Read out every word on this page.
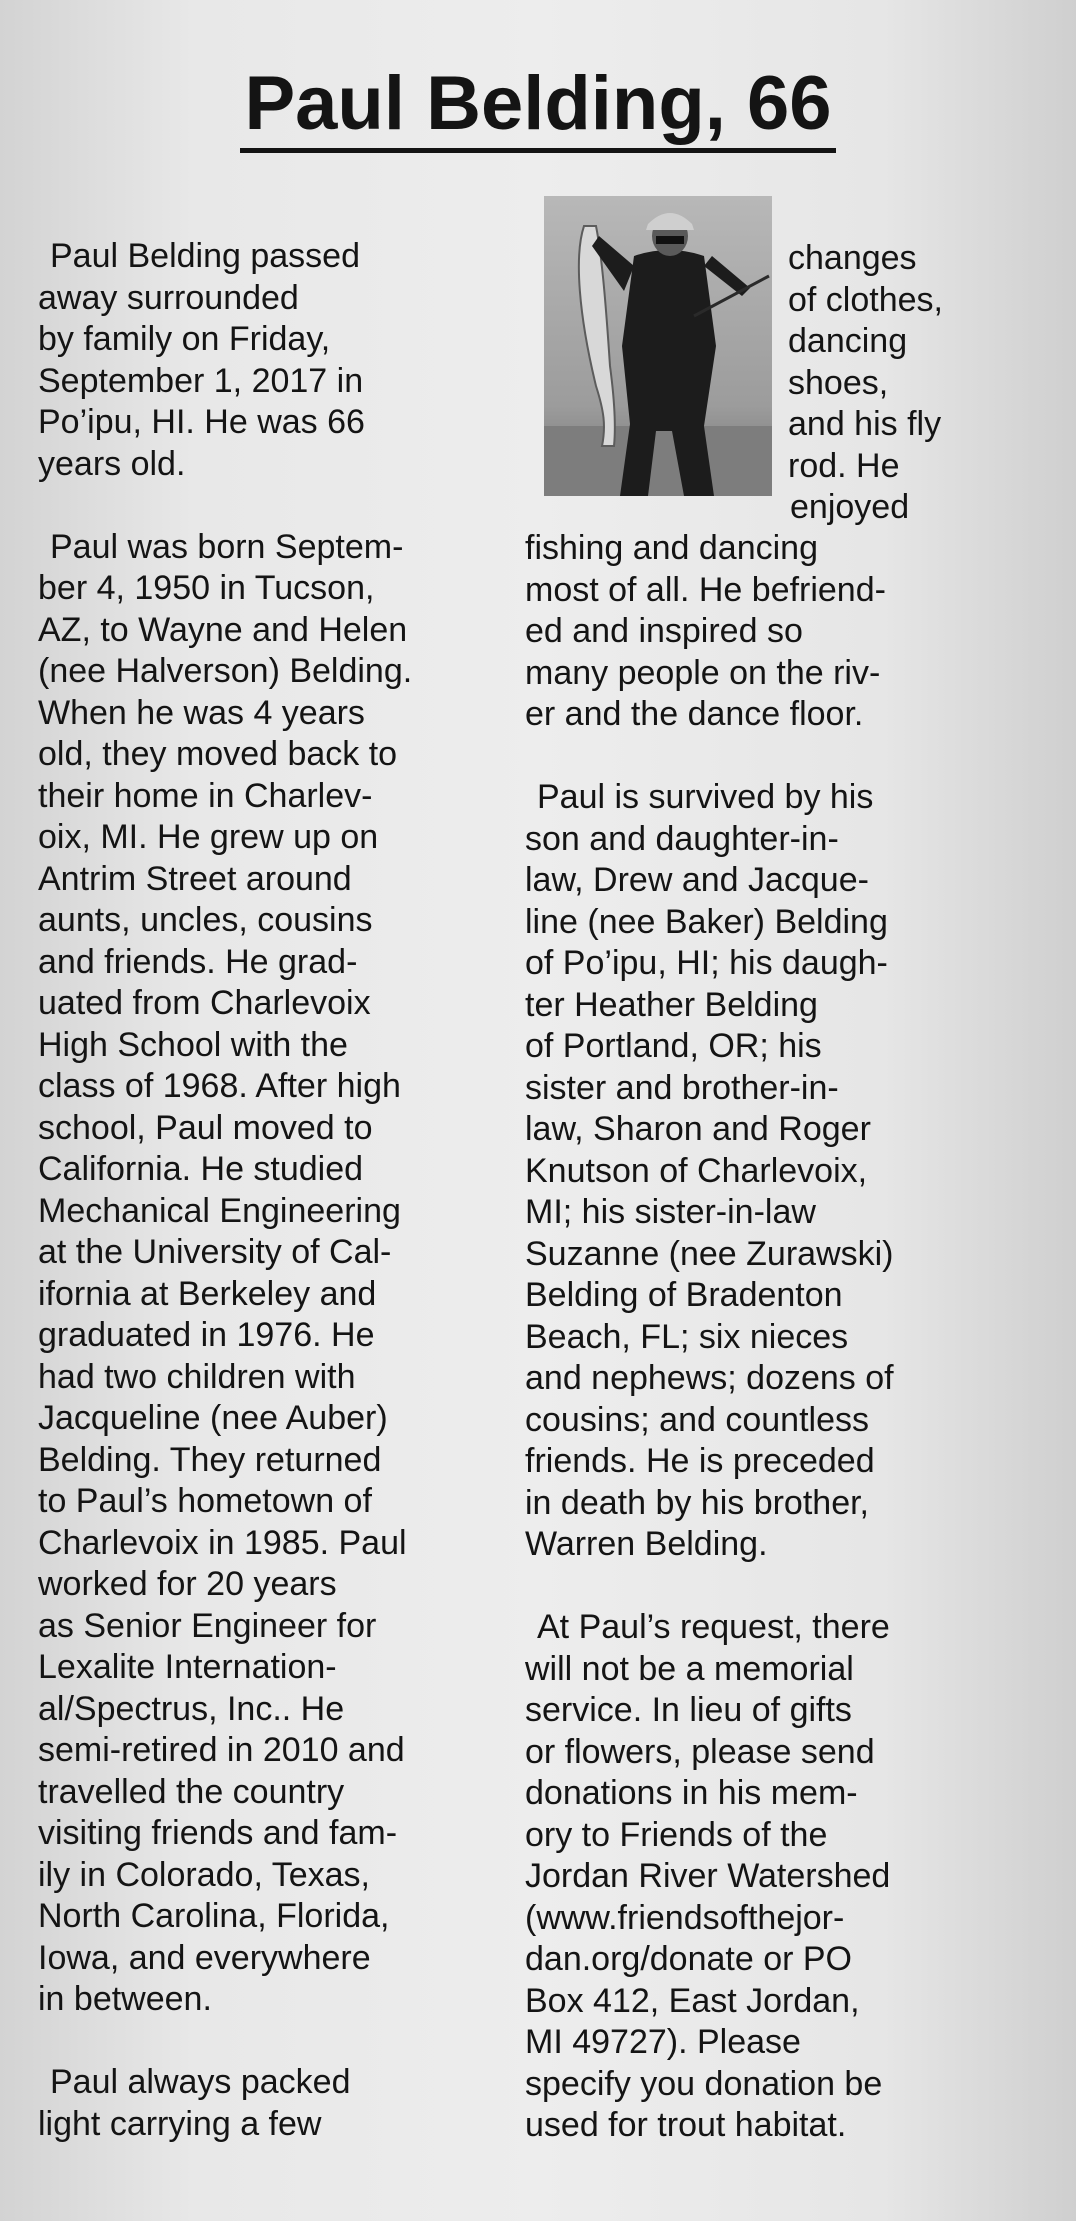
Paul Belding, 66
Paul Belding passed
away surrounded
by family on Friday,
September 1, 2017 in
Po’ipu, HI. He was 66
years old.
Paul was born Septem-
ber 4, 1950 in Tucson,
AZ, to Wayne and Helen
(nee Halverson) Belding.
When he was 4 years
old, they moved back to
their home in Charlev-
oix, MI. He grew up on
Antrim Street around
aunts, uncles, cousins
and friends. He grad-
uated from Charlevoix
High School with the
class of 1968. After high
school, Paul moved to
California. He studied
Mechanical Engineering
at the University of Cal-
ifornia at Berkeley and
graduated in 1976. He
had two children with
Jacqueline (nee Auber)
Belding. They returned
to Paul’s hometown of
Charlevoix in 1985. Paul
worked for 20 years
as Senior Engineer for
Lexalite Internation-
al/Spectrus, Inc.. He
semi-retired in 2010 and
travelled the country
visiting friends and fam-
ily in Colorado, Texas,
North Carolina, Florida,
Iowa, and everywhere
in between.
Paul always packed
light carrying a few
changes
of clothes,
dancing
shoes,
and his fly
rod. He
enjoyed
fishing and dancing
most of all. He befriend-
ed and inspired so
many people on the riv-
er and the dance floor.
Paul is survived by his
son and daughter-in-
law, Drew and Jacque-
line (nee Baker) Belding
of Po’ipu, HI; his daugh-
ter Heather Belding
of Portland, OR; his
sister and brother-in-
law, Sharon and Roger
Knutson of Charlevoix,
MI; his sister-in-law
Suzanne (nee Zurawski)
Belding of Bradenton
Beach, FL; six nieces
and nephews; dozens of
cousins; and countless
friends. He is preceded
in death by his brother,
Warren Belding.
At Paul’s request, there
will not be a memorial
service. In lieu of gifts
or flowers, please send
donations in his mem-
ory to Friends of the
Jordan River Watershed
(www.friendsofthejor-
dan.org/donate or PO
Box 412, East Jordan,
MI 49727). Please
specify you donation be
used for trout habitat.
